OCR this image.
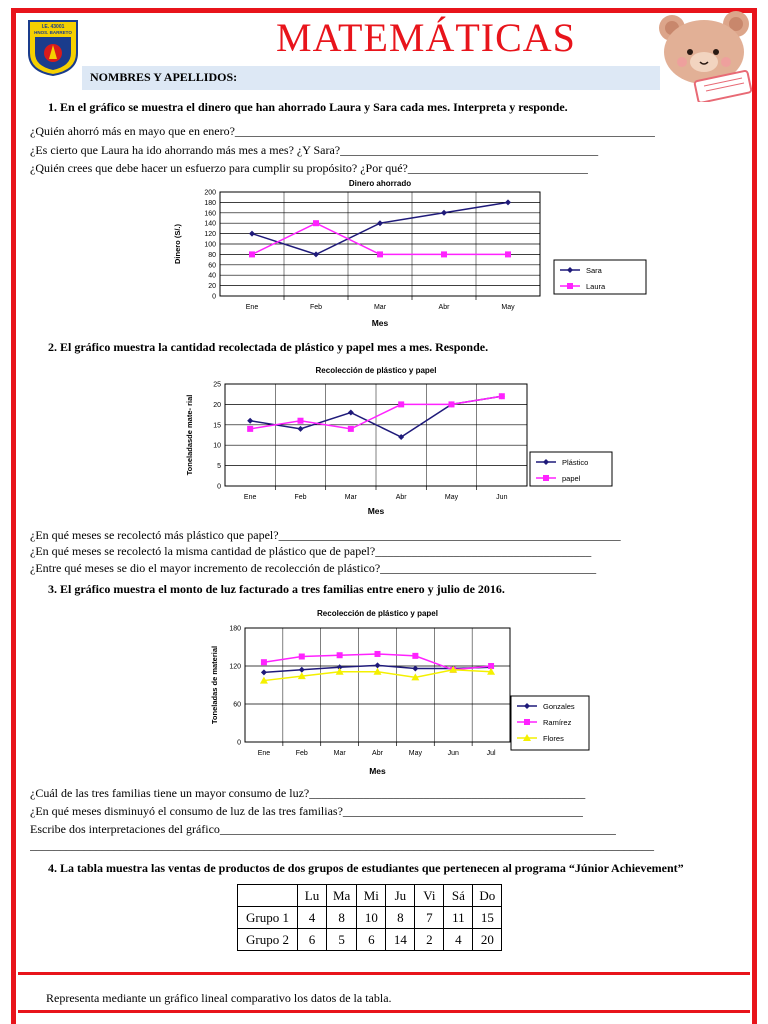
I.E. 43001
HNOS. BARRETO	MATEMÁTICAS
NOMBRES Y APELLIDOS:
1. En el gráfico se muestra el dinero que han ahorrado Laura y Sara cada mes. Interpreta y responde.
¿Quién ahorró más en mayo que en enero?______________________________________________________________________
¿Es cierto que Laura ha ido ahorrando más mes a mes? ¿Y Sara?___________________________________________
¿Quién crees que debe hacer un esfuerzo para cumplir su propósito? ¿Por qué?______________________________
Dinero ahorrado
0
20
40
60
80
100
120
140
160
180
200
Ene	Feb	Mar	Abr	May
Mes
Dinero (S/.)
Sara
Laura
2. El gráfico muestra la cantidad recolectada de plástico y papel mes a mes. Responde.
Recolección de plástico y papel
0
5
10
15
20
25
Ene	Feb	Mar	Abr	May	Jun
Mes
Toneladasde mate- rial	Plástico
papel
¿En qué meses se recolectó más plástico que papel?_________________________________________________________
¿En qué meses se recolectó la misma cantidad de plástico que de papel?____________________________________
¿Entre qué meses se dio el mayor incremento de recolección de plástico?____________________________________
3. El gráfico muestra el monto de luz facturado a tres familias entre enero y julio de 2016.
Recolección de plástico y papel
0
60
120
180
Ene	Feb	Mar	Abr	May	Jun	Jul
Mes
Toneladas de material	Gonzales
Ramírez
Flores
¿Cuál de las tres familias tiene un mayor consumo de luz?______________________________________________
¿En qué meses disminuyó el consumo de luz de las tres familias?________________________________________
Escribe dos interpretaciones del gráfico__________________________________________________________________
________________________________________________________________________________________________________
4. La tabla muestra las ventas de productos de dos grupos de estudiantes que pertenecen al programa “Júnior Achievement”
	Lu	Ma	Mi	Ju	Vi	Sá	Do
Grupo 1	4	8	10	8	7	11	15
Grupo 2	6	5	6	14	2	4	20
Representa mediante un gráfico lineal comparativo los datos de la tabla.
